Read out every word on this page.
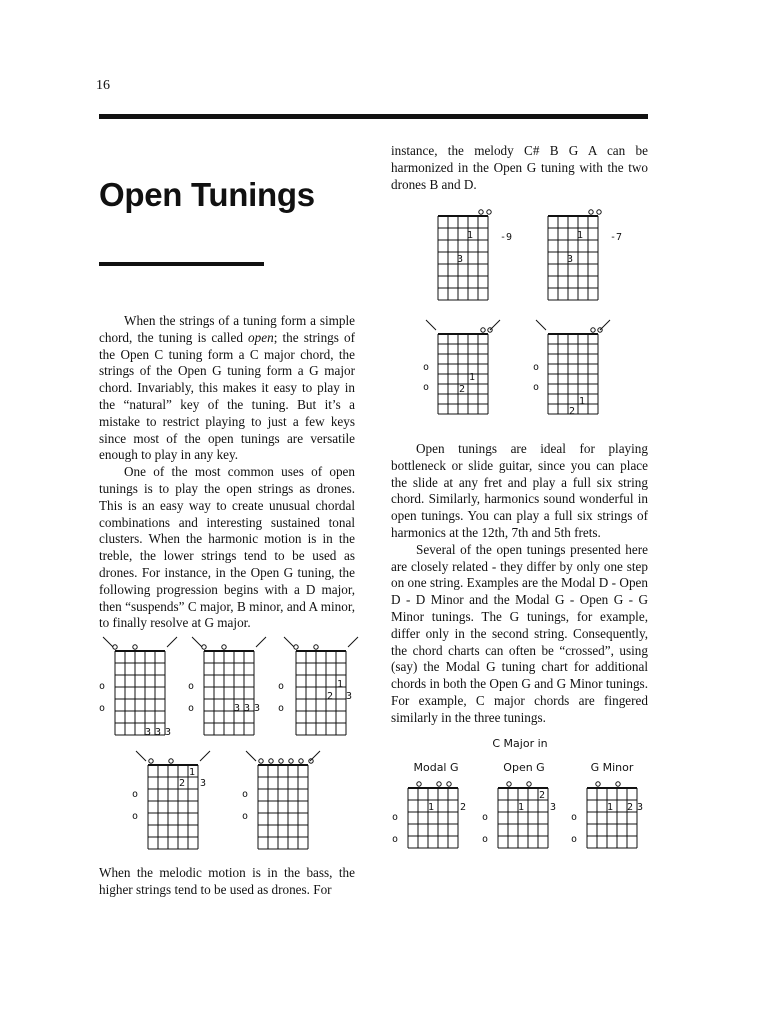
16
Open Tunings

When the strings of a tuning form a simple chord, the tuning is called open; the strings of the Open C tuning form a C major chord, the strings of the Open G tuning form a G major chord. Invariably, this makes it easy to play in the “natural” key of the tuning. But it’s a mistake to restrict playing to just a few keys since most of the open tunings are versatile enough to play in any key.

One of the most common uses of open tunings is to play the open strings as drones. This is an easy way to create unusual chordal combinations and interesting sustained tonal clusters. When the harmonic motion is in the treble, the lower strings tend to be used as drones. For instance, in the Open G tuning, the following progression begins with a D major, then “suspends” C major, B minor, and A minor, to finally resolve at G major.

When the melodic motion is in the bass, the higher strings tend to be used as drones. For

instance, the melody C# B G A can be harmonized in the Open G tuning with the two drones B and D.

Open tunings are ideal for playing bottleneck or slide guitar, since you can place the slide at any fret and play a full six string chord. Similarly, harmonics sound wonderful in open tunings. You can play a full six strings of harmonics at the 12th, 7th and 5th frets.

Several of the open tunings presented here are closely related - they differ by only one step on one string. Examples are the Modal D - Open D - D Minor and the Modal G - Open G - G Minor tunings. The G tunings, for example, differ only in the second string. Consequently, the chord charts can often be “crossed”, using (say) the Modal G tuning chart for additional chords in both the Open G and G Minor tunings. For example, C major chords are fingered similarly in the three tunings.

1
3
-9	1
3
-7
o
o
1
2
o
o
1
2
o
o
3 3 3
o
o	3 3 3
o
o
1
2 3
o
o
1
2 3
o
o
C Major in
Modal G	Open G	G Minor
o
o
1	2
o
o
2
1	3
o
o
1 2 3
